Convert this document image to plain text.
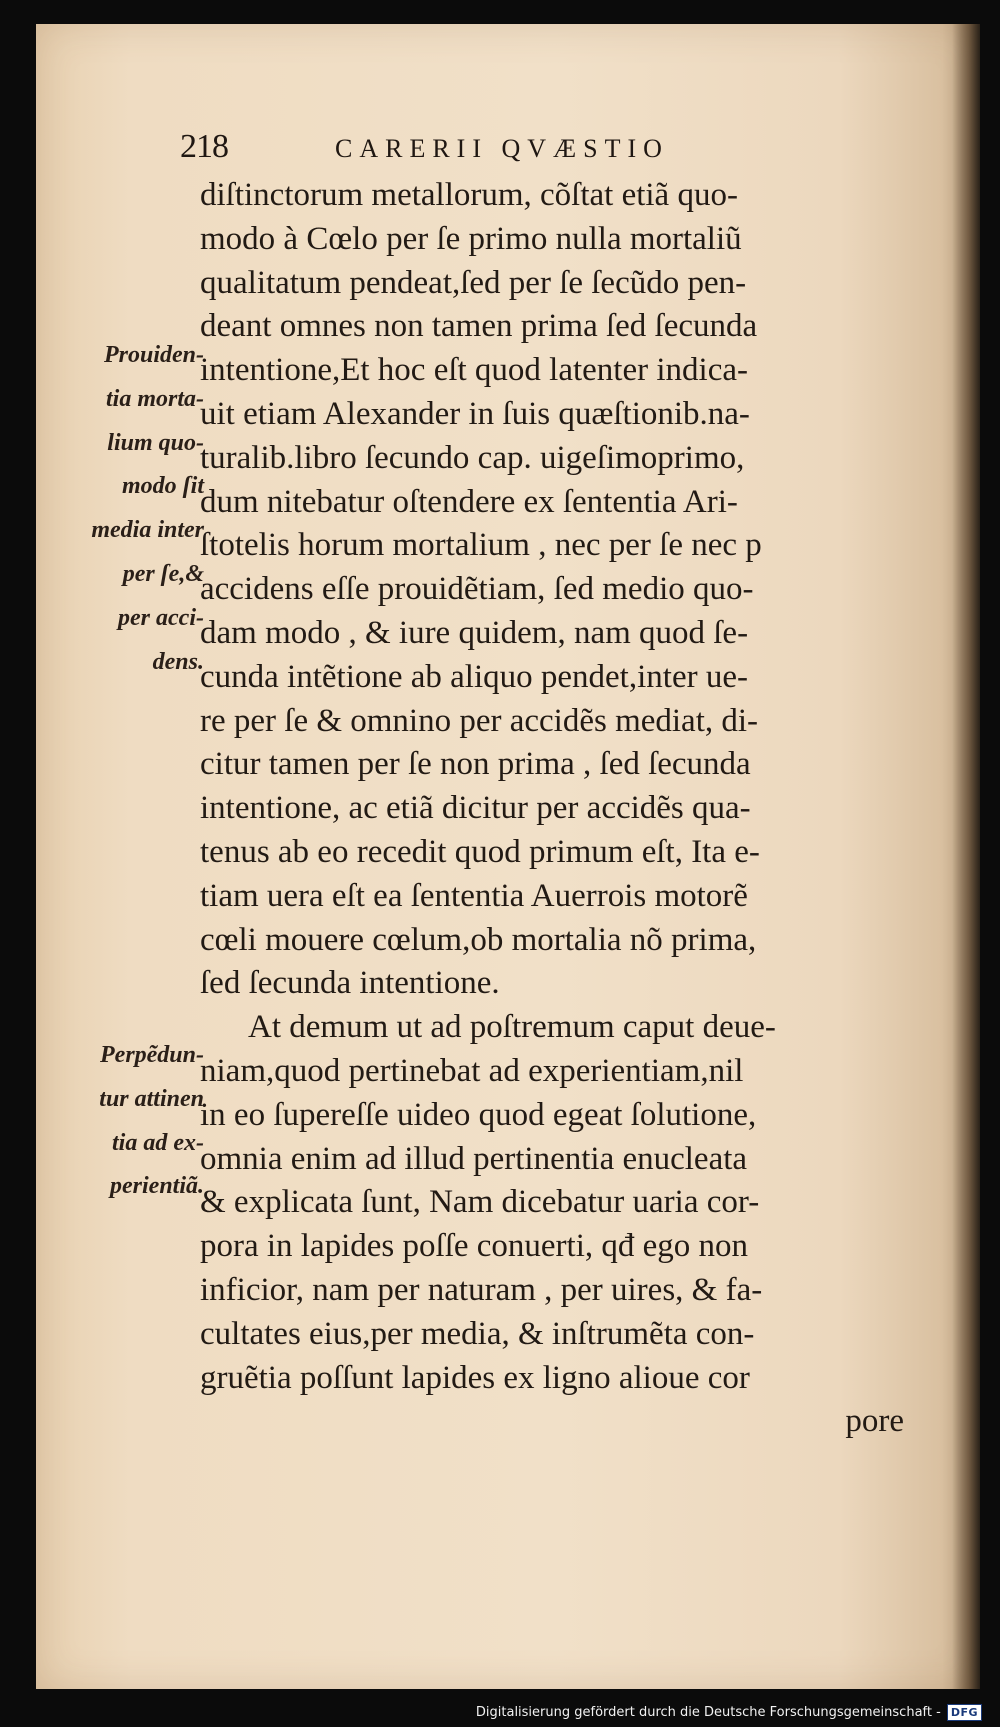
218	CARERII QVÆSTIO
Prouiden-
tia morta-
lium quo-
modo ſit
media inter
per ſe,&
per acci-
dens.
Perpẽdun-
tur attinen
tia ad ex-
perientiã.
diſtinctorum metallorum, cõſtat etiã quo-
modo à Cœlo per ſe primo nulla mortaliũ
qualitatum pendeat,ſed per ſe ſecũdo pen-
deant omnes non tamen prima ſed ſecunda
intentione,Et hoc eſt quod latenter indica-
uit etiam Alexander in ſuis quæſtionib.na-
turalib.libro ſecundo cap. uigeſimoprimo,
dum nitebatur oſtendere ex ſententia Ari-
ſtotelis horum mortalium , nec per ſe nec p
accidens eſſe prouidẽtiam, ſed medio quo-
dam modo , & iure quidem, nam quod ſe-
cunda intẽtione ab aliquo pendet,inter ue-
re per ſe & omnino per accidẽs mediat, di-
citur tamen per ſe non prima , ſed ſecunda
intentione, ac etiã dicitur per accidẽs qua-
tenus ab eo recedit quod primum eſt, Ita e-
tiam uera eſt ea ſententia Auerrois motorẽ
cœli mouere cœlum,ob mortalia nõ prima,
ſed ſecunda intentione.
At demum ut ad poſtremum caput deue-
niam,quod pertinebat ad experientiam,nil
in eo ſupereſſe uideo quod egeat ſolutione,
omnia enim ad illud pertinentia enucleata
& explicata ſunt, Nam dicebatur uaria cor-
pora in lapides poſſe conuerti, qđ ego non
inficior, nam per naturam , per uires, & fa-
cultates eius,per media, & inſtrumẽta con-
gruẽtia poſſunt lapides ex ligno alioue cor
pore
Digitalisierung gefördert durch die Deutsche Forschungsgemeinschaft - DFG
